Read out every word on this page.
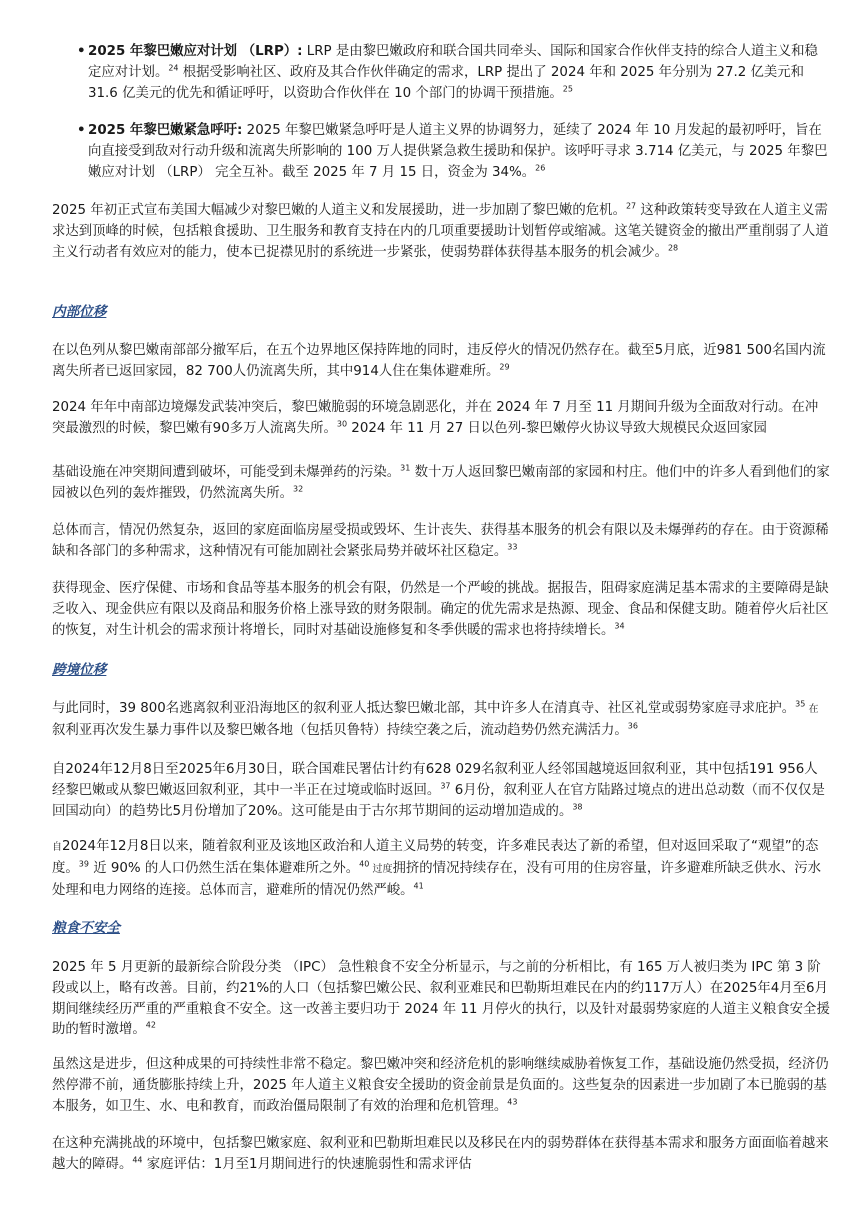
• 2025 年黎巴嫩应对计划 （LRP）: LRP 是由黎巴嫩政府和联合国共同牵头、国际和国家合作伙伴支持的综合人道主义和稳定应对计划。$^{24}$ 根据受影响社区、政府及其合作伙伴确定的需求，LRP 提出了 2024 年和 2025 年分别为 27.2 亿美元和 31.6 亿美元的优先和循证呼吁，以资助合作伙伴在 10 个部门的协调干预措施。$^{25}$
• 2025 年黎巴嫩紧急呼吁: 2025 年黎巴嫩紧急呼吁是人道主义界的协调努力，延续了 2024 年 10 月发起的最初呼吁，旨在向直接受到敌对行动升级和流离失所影响的 100 万人提供紧急救生援助和保护。该呼吁寻求 3.714 亿美元，与 2025 年黎巴嫩应对计划 （LRP） 完全互补。截至 2025 年 7 月 15 日，资金为 34%。$^{26}$

2025 年初正式宣布美国大幅减少对黎巴嫩的人道主义和发展援助，进一步加剧了黎巴嫩的危机。$^{27}$ 这种政策转变导致在人道主义需求达到顶峰的时候，包括粮食援助、卫生服务和教育支持在内的几项重要援助计划暂停或缩减。这笔关键资金的撤出严重削弱了人道主义行动者有效应对的能力，使本已捉襟见肘的系统进一步紧张，使弱势群体获得基本服务的机会减少。$^{28}$

内部位移

在以色列从黎巴嫩南部部分撤军后，在五个边界地区保持阵地的同时，违反停火的情况仍然存在。截至5月底，近981 500名国内流离失所者已返回家园，82 700人仍流离失所，其中914人住在集体避难所。$^{29}$

2024 年年中南部边境爆发武装冲突后，黎巴嫩脆弱的环境急剧恶化，并在 2024 年 7 月至 11 月期间升级为全面敌对行动。在冲突最激烈的时候，黎巴嫩有90多万人流离失所。$^{30}$ 2024 年 11 月 27 日以色列-黎巴嫩停火协议导致大规模民众返回家园

基础设施在冲突期间遭到破坏，可能受到未爆弹药的污染。$^{31}$ 数十万人返回黎巴嫩南部的家园和村庄。他们中的许多人看到他们的家园被以色列的轰炸摧毁，仍然流离失所。$^{32}$

总体而言，情况仍然复杂，返回的家庭面临房屋受损或毁坏、生计丧失、获得基本服务的机会有限以及未爆弹药的存在。由于资源稀缺和各部门的多种需求，这种情况有可能加剧社会紧张局势并破坏社区稳定。$^{33}$

获得现金、医疗保健、市场和食品等基本服务的机会有限，仍然是一个严峻的挑战。据报告，阻碍家庭满足基本需求的主要障碍是缺乏收入、现金供应有限以及商品和服务价格上涨导致的财务限制。确定的优先需求是热源、现金、食品和保健支助。随着停火后社区的恢复，对生计机会的需求预计将增长，同时对基础设施修复和冬季供暖的需求也将持续增长。$^{34}$

跨境位移

与此同时，39 800名逃离叙利亚沿海地区的叙利亚人抵达黎巴嫩北部，其中许多人在清真寺、社区礼堂或弱势家庭寻求庇护。$^{35}$ 在叙利亚再次发生暴力事件以及黎巴嫩各地（包括贝鲁特）持续空袭之后，流动趋势仍然充满活力。$^{36}$

自2024年12月8日至2025年6月30日，联合国难民署估计约有628 029名叙利亚人经邻国越境返回叙利亚，其中包括191 956人经黎巴嫩或从黎巴嫩返回叙利亚，其中一半正在过境或临时返回。$^{37}$ 6月份，叙利亚人在官方陆路过境点的进出总动数（而不仅仅是回国动向）的趋势比5月份增加了20%。这可能是由于古尔邦节期间的运动增加造成的。$^{38}$

自2024年12月8日以来，随着叙利亚及该地区政治和人道主义局势的转变，许多难民表达了新的希望，但对返回采取了“观望”的态度。$^{39}$ 近 90% 的人口仍然生活在集体避难所之外。$^{40}$ 过度拥挤的情况持续存在，没有可用的住房容量，许多避难所缺乏供水、污水处理和电力网络的连接。总体而言，避难所的情况仍然严峻。$^{41}$

粮食不安全

2025 年 5 月更新的最新综合阶段分类 （IPC） 急性粮食不安全分析显示，与之前的分析相比，有 165 万人被归类为 IPC 第 3 阶段或以上，略有改善。目前，约21%的人口（包括黎巴嫩公民、叙利亚难民和巴勒斯坦难民在内的约117万人）在2025年4月至6月期间继续经历严重的严重粮食不安全。这一改善主要归功于 2024 年 11 月停火的执行，以及针对最弱势家庭的人道主义粮食安全援助的暂时激增。$^{42}$

虽然这是进步，但这种成果的可持续性非常不稳定。黎巴嫩冲突和经济危机的影响继续威胁着恢复工作，基础设施仍然受损，经济仍然停滞不前，通货膨胀持续上升，2025 年人道主义粮食安全援助的资金前景是负面的。这些复杂的因素进一步加剧了本已脆弱的基本服务，如卫生、水、电和教育，而政治僵局限制了有效的治理和危机管理。$^{43}$

在这种充满挑战的环境中，包括黎巴嫩家庭、叙利亚和巴勒斯坦难民以及移民在内的弱势群体在获得基本需求和服务方面面临着越来越大的障碍。$^{44}$ 家庭评估：1月至1月期间进行的快速脆弱性和需求评估
